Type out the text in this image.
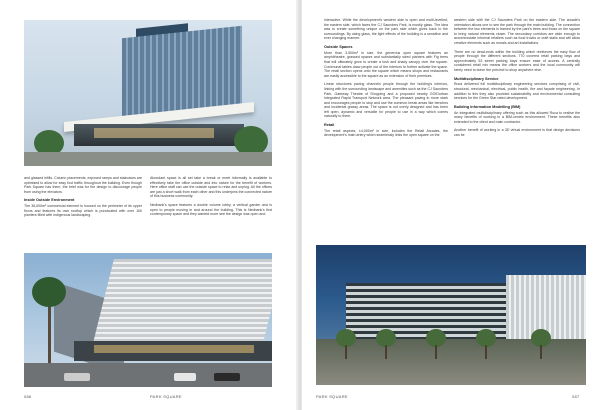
and glassed infills. Column placements, exposed ramps and staircases are optimised to allow for easy foot traffic throughout the building. Even though Park Square has them, the brief was for the design to discourage people from using the elevators.

Inside Outside Environment

The 36,000m² commercial element is housed on the perimeter of its upper floors and features its own rooftop which is punctuated with over 100 planters filled with indigenous landscaping.

Abundant space is all set take a break or meet informally is available to effectively take the office outside and into nature for the benefit of workers. Here office staff can use the outside space to relax and unplug. All the offices are just a short walk from each other and this underpins the connected nature of this business community.

Nedbank's space features a double volume lobby, a vertical garden and is open to people moving in and around the building. This is Nedbank's first contemporary space and they wanted more see the design was open and

086	PARK SQUARE

interactive. While the development's western side is open and multi-levelled, the eastern side, which faces the CJ Saunders Park, is mostly glass. The idea was to create something unique on the park side which gives back to the surroundings. By using glass, the light effects of the building is a sensitive and ever changing manner.

Outside Spaces

More than 3,500m² in size, the generous open square features an amphitheatre, grassed spaces and substantially sized planters with Fig trees that will ultimately grow to create a lush and shady canopy over the square. Communal tables draw people out of the interiors to further activate the space. The retail section opens onto the square which means shops and restaurants are easily accessible to the square as an extension of their premises.

Linear structures paving channels people through the building's interiors, linking with the surrounding landscape and amenities such as the CJ Saunders Park, Gateway Theatre of Shopping and a proposed nearby GO!Durban Integrated Rapid Transport Network area. The pleasant paving in more stark and encourages people to stop and use the common break areas like benches and incidental grassy areas. The space is not overly designed and has been left open, dynamic and versatile for people to use in a way which comes naturally to them.

Retail

The retail aspects, ±4,000m² in size, includes the Retail Arcades, the development's main artery which seamlessly links the open square on the

western side with the CJ Saunders Park on the eastern side. The arcade's orientation allows one to see the park through the main building. The connection between the two elements is framed by the park's trees and those on the square to bring natural elements closer. The secondary corridors are wide enough to accommodate informal retailers such as food trucks or craft stalls and will allow creative elements such as murals and art installations.

There are no dead-ends within the building which reinforces the easy flow of people through the different sections. 770 covered retail parking bays and approximately 53 street parking bays ensure ease of access. A centrally considered retail mix means the office workers and the local community will rarely need to leave the precinct to shop anywhere else.

Multidisciplinary Service

Ruca delivered full multidisciplinary engineering services comprising of civil, structural, mechanical, electrical, public health, fire and façade engineering. In addition to this they also provided sustainability and environmental consulting services for the Green Star rated development.

Building Information Modelling (BIM)

An integrated multidisciplinary offering such as this allowed Ruca to realise the many benefits of working in a BIM-centric environment. These benefits also extended to the client and main contractor.

Another benefit of working in a 3D virtual environment is that design decisions can be

PARK SQUARE	087
